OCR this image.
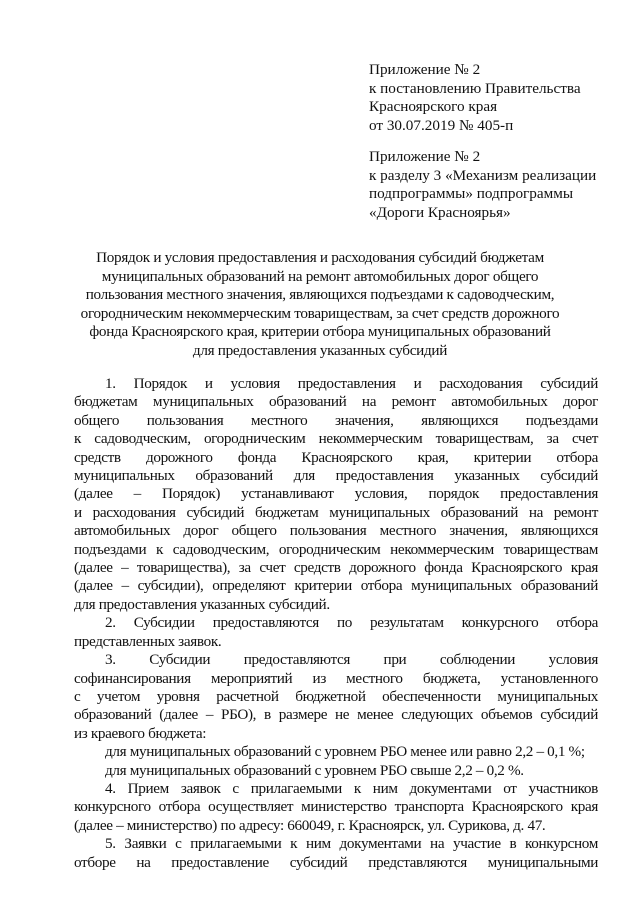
Приложение № 2
к постановлению Правительства
Красноярского края
от 30.07.2019 № 405-п
Приложение № 2
к разделу 3 «Механизм реализации
подпрограммы» подпрограммы
«Дороги Красноярья»
Порядок и условия предоставления и расходования субсидий бюджетам
муниципальных образований на ремонт автомобильных дорог общего
пользования местного значения, являющихся подъездами к садоводческим,
огородническим некоммерческим товариществам, за счет средств дорожного
фонда Красноярского края, критерии отбора муниципальных образований
для предоставления указанных субсидий
1. Порядок и условия предоставления и расходования субсидий
бюджетам муниципальных образований на ремонт автомобильных дорог
общего пользования местного значения, являющихся подъездами
к садоводческим, огородническим некоммерческим товариществам, за счет
средств дорожного фонда Красноярского края, критерии отбора
муниципальных образований для предоставления указанных субсидий
(далее – Порядок) устанавливают условия, порядок предоставления
и расходования субсидий бюджетам муниципальных образований на ремонт
автомобильных дорог общего пользования местного значения, являющихся
подъездами к садоводческим, огородническим некоммерческим товариществам
(далее – товарищества), за счет средств дорожного фонда Красноярского края
(далее – субсидии), определяют критерии отбора муниципальных образований
для предоставления указанных субсидий.
2. Субсидии предоставляются по результатам конкурсного отбора
представленных заявок.
3. Субсидии предоставляются при соблюдении условия
софинансирования мероприятий из местного бюджета, установленного
с учетом уровня расчетной бюджетной обеспеченности муниципальных
образований (далее – РБО), в размере не менее следующих объемов субсидий
из краевого бюджета:
для муниципальных образований с уровнем РБО менее или равно 2,2 – 0,1 %;
для муниципальных образований с уровнем РБО свыше 2,2 – 0,2 %.
4. Прием заявок с прилагаемыми к ним документами от участников
конкурсного отбора осуществляет министерство транспорта Красноярского края
(далее – министерство) по адресу: 660049, г. Красноярск, ул. Сурикова, д. 47.
5. Заявки с прилагаемыми к ним документами на участие в конкурсном
отборе на предоставление субсидий представляются муниципальными
